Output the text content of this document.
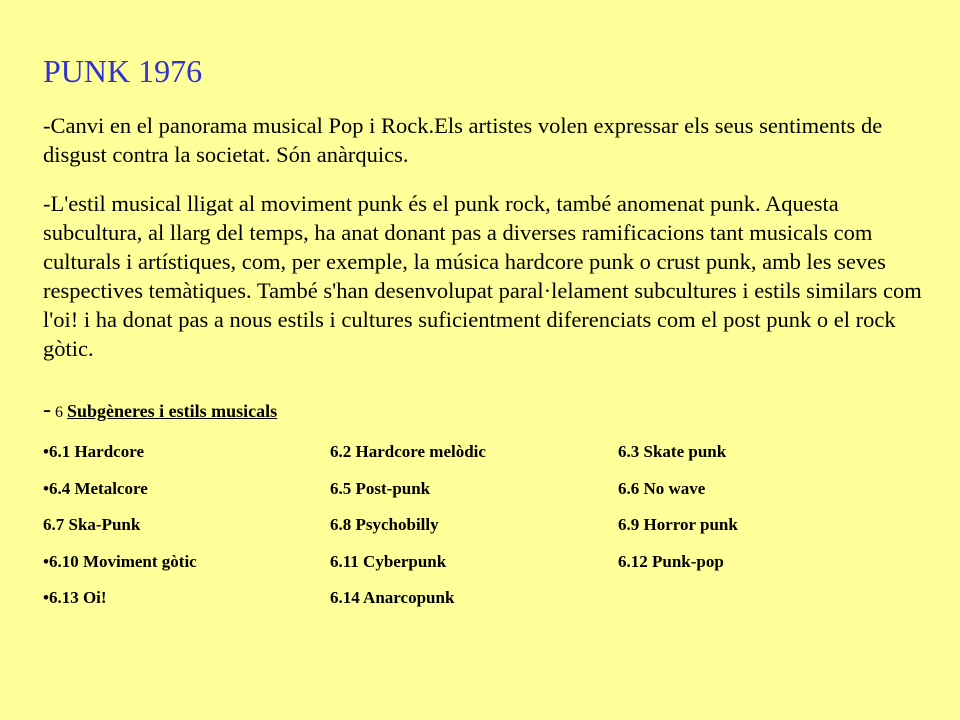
PUNK 1976

-Canvi en el panorama musical Pop i Rock.Els artistes volen expressar els seus sentiments de disgust contra la societat. Són anàrquics.

-L'estil musical lligat al moviment punk és el punk rock, també anomenat punk. Aquesta subcultura, al llarg del temps, ha anat donant pas a diverses ramificacions tant musicals com culturals i artístiques, com, per exemple, la música hardcore punk o crust punk, amb les seves respectives temàtiques. També s'han desenvolupat paral·lelament subcultures i estils similars com l'oi! i ha donat pas a nous estils i cultures suficientment diferenciats com el post punk o el rock gòtic.

- 6 Subgèneres i estils musicals
•6.1 Hardcore	6.2 Hardcore melòdic	6.3 Skate punk
•6.4 Metalcore	6.5 Post-punk	6.6 No wave
6.7 Ska-Punk	6.8 Psychobilly	6.9 Horror punk
•6.10 Moviment gòtic	6.11 Cyberpunk	6.12 Punk-pop
•6.13 Oi!	6.14 Anarcopunk
